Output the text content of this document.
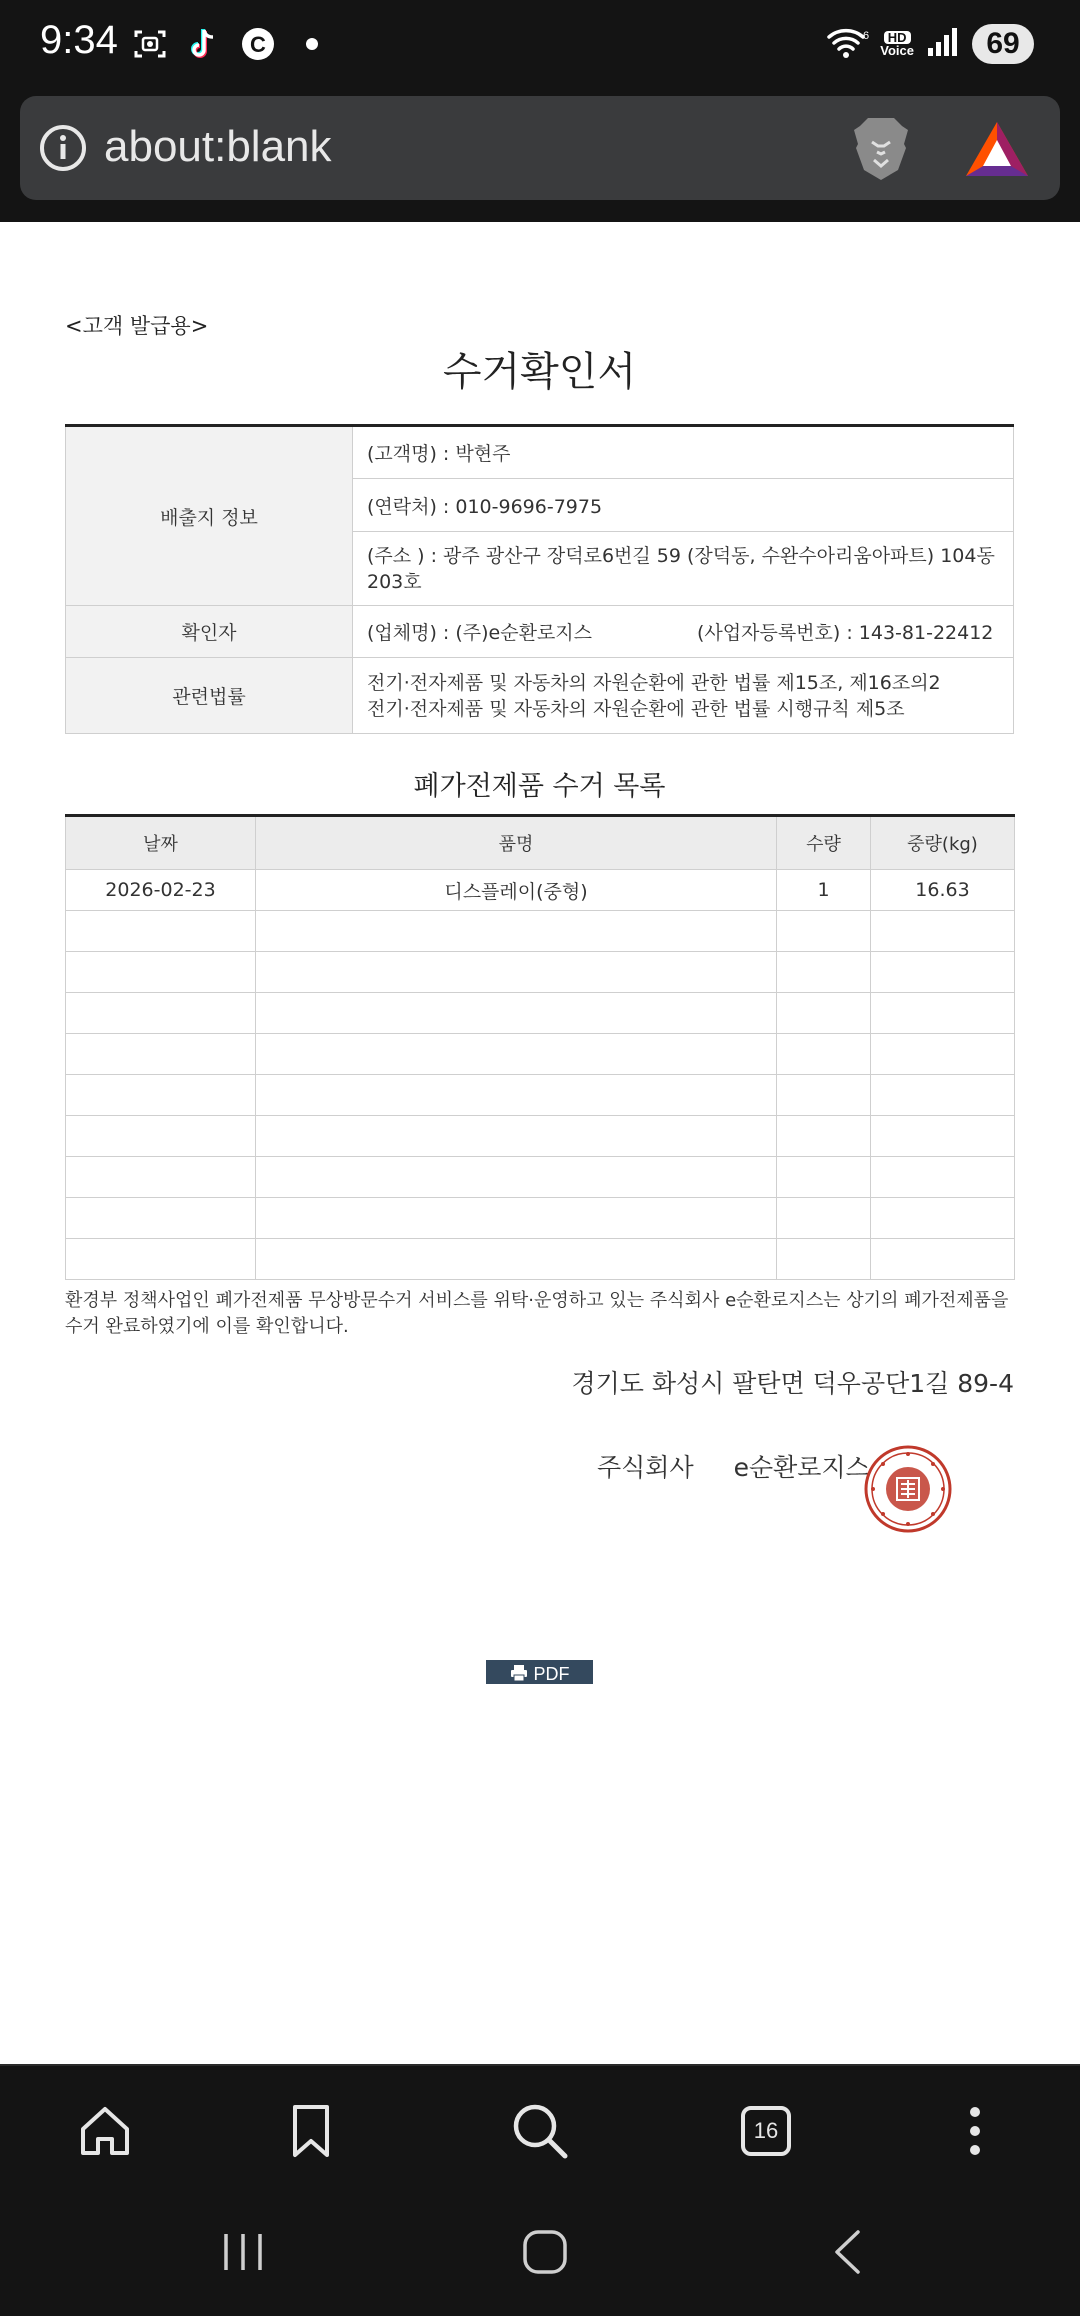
9:34	C	6	HD
Voice	69
about:blank
<고객 발급용>
수거확인서
배출지 정보	(고객명) : 박현주
	(연락처) : 010-9696-7975
	(주소 ) : 광주 광산구 장덕로6번길 59 (장덕동, 수완수아리움아파트) 104동 203호
확인자	(업체명) : (주)e순환로지스 (사업자등록번호) : 143-81-22412
관련법률	전기·전자제품 및 자동차의 자원순환에 관한 법률 제15조, 제16조의2
전기·전자제품 및 자동차의 자원순환에 관한 법률 시행규칙 제5조
폐가전제품 수거 목록
날짜	품명	수량	중량(kg)
2026-02-23	디스플레이(중형)	1	16.63

환경부 정책사업인 폐가전제품 무상방문수거 서비스를 위탁·운영하고 있는 주식회사 e순환로지스는 상기의 폐가전제품을 수거 완료하였기에 이를 확인합니다.
경기도 화성시 팔탄면 덕우공단1길 89-4
주식회사 e순환로지스
PDF
16
